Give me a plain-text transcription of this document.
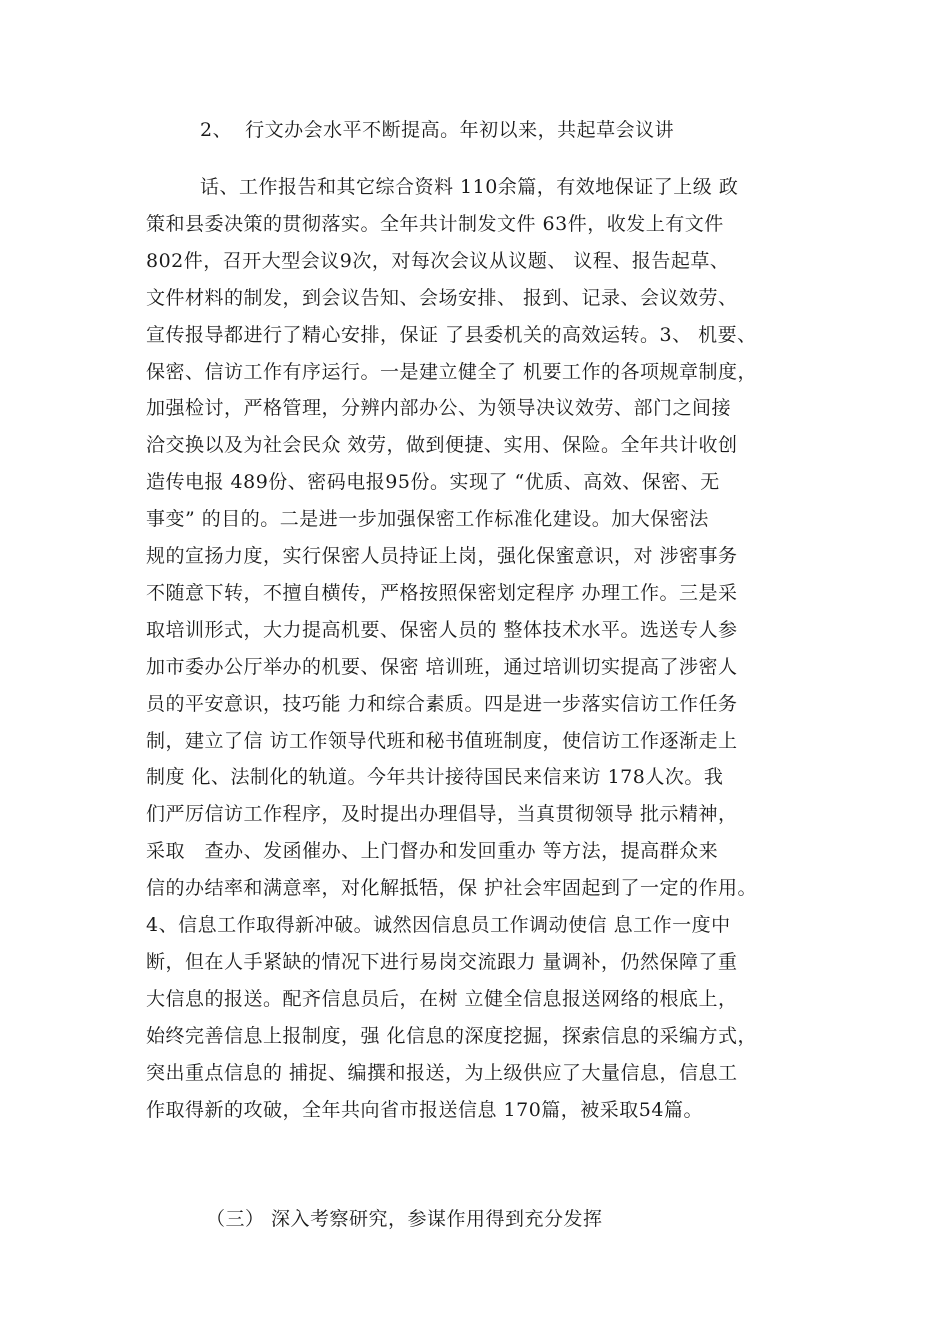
2、  行文办会水平不断提高。年初以来，共起草会议讲
话、工作报告和其它综合资料 110余篇，有效地保证了上级 政
策和县委决策的贯彻落实。全年共计制发文件 63件，收发上有文件
802件，召开大型会议9次，对每次会议从议题、 议程、报告起草、
文件材料的制发，到会议告知、会场安排、 报到、记录、会议效劳、
宣传报导都进行了精心安排，保证 了县委机关的高效运转。3、 机要、
保密、信访工作有序运行。一是建立健全了 机要工作的各项规章制度，
加强检讨，严格管理，分辨内部办公、为领导决议效劳、部门之间接
洽交换以及为社会民众 效劳，做到便捷、实用、保险。全年共计收创
造传电报 489份、密码电报95份。实现了 “优质、高效、保密、无
事变” 的目的。二是进一步加强保密工作标准化建设。加大保密法
规的宣扬力度，实行保密人员持证上岗，强化保蜜意识，对 涉密事务
不随意下转，不擅自横传，严格按照保密划定程序 办理工作。三是采
取培训形式，大力提高机要、保密人员的 整体技术水平。选送专人参
加市委办公厅举办的机要、保密 培训班，通过培训切实提高了涉密人
员的平安意识，技巧能 力和综合素质。四是进一步落实信访工作任务
制，建立了信 访工作领导代班和秘书值班制度，使信访工作逐渐走上
制度 化、法制化的轨道。今年共计接待国民来信来访 178人次。我
们严厉信访工作程序，及时提出办理倡导，当真贯彻领导 批示精神，
采取   查办、发函催办、上门督办和发回重办 等方法，提高群众来
信的办结率和满意率，对化解抵牾，保 护社会牢固起到了一定的作用。
4、信息工作取得新冲破。诚然因信息员工作调动使信 息工作一度中
断，但在人手紧缺的情况下进行易岗交流跟力 量调补，仍然保障了重
大信息的报送。配齐信息员后，在树 立健全信息报送网络的根底上，
始终完善信息上报制度，强 化信息的深度挖掘，探索信息的采编方式，
突出重点信息的 捕捉、编撰和报送，为上级供应了大量信息，信息工
作取得新的攻破，全年共向省市报送信息 170篇，被采取54篇。
（三） 深入考察研究，参谋作用得到充分发挥
